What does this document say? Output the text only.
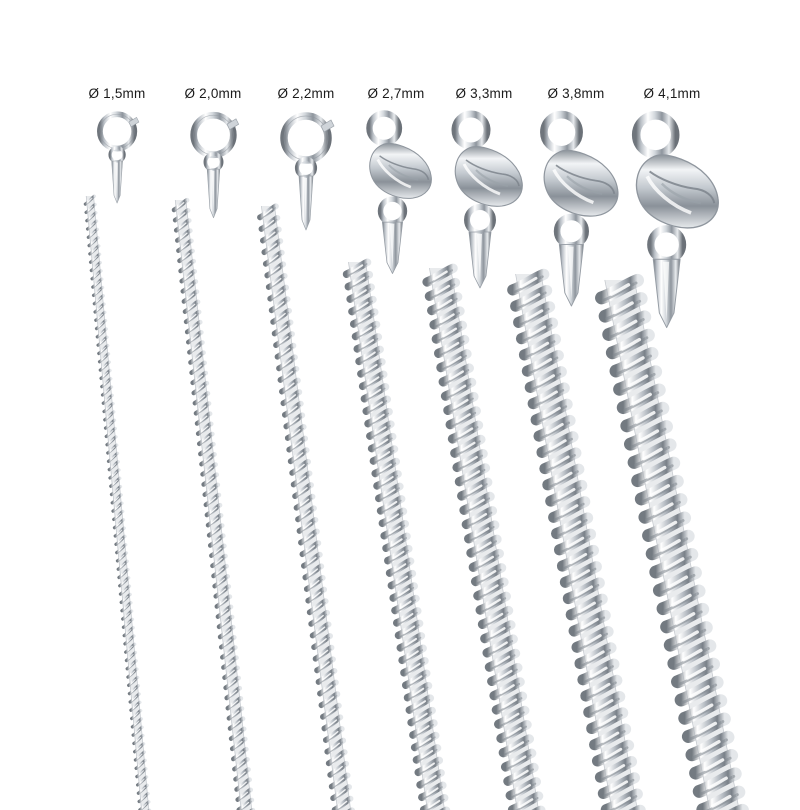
Ø 1,5mm	Ø 2,0mm	Ø 2,2mm	Ø 2,7mm	Ø 3,3mm	Ø 3,8mm	Ø 4,1mm
